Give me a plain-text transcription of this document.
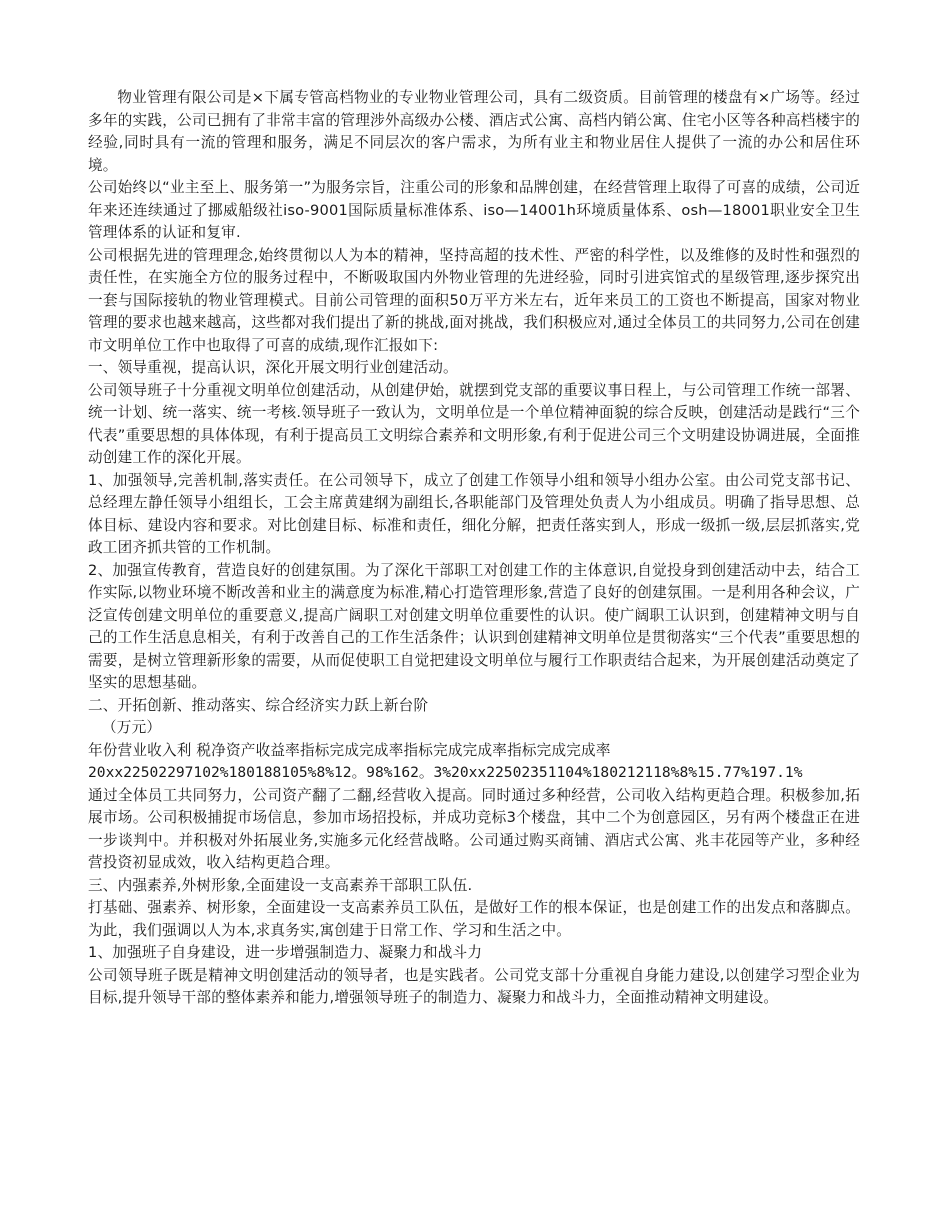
物业管理有限公司是×下属专管高档物业的专业物业管理公司，具有二级资质。目前管理的楼盘有×广场等。经过多年的实践，公司已拥有了非常丰富的管理涉外高级办公楼、酒店式公寓、高档内销公寓、住宅小区等各种高档楼宇的经验,同时具有一流的管理和服务，满足不同层次的客户需求，为所有业主和物业居住人提供了一流的办公和居住环境。

公司始终以“业主至上、服务第一”为服务宗旨，注重公司的形象和品牌创建，在经营管理上取得了可喜的成绩，公司近年来还连续通过了挪威船级社iso-9001国际质量标准体系、iso—14001h环境质量体系、osh—18001职业安全卫生管理体系的认证和复审.

公司根据先进的管理理念,始终贯彻以人为本的精神，坚持高超的技术性、严密的科学性，以及维修的及时性和强烈的责任性，在实施全方位的服务过程中，不断吸取国内外物业管理的先进经验，同时引进宾馆式的星级管理,逐步探究出一套与国际接轨的物业管理模式。目前公司管理的面积50万平方米左右，近年来员工的工资也不断提高，国家对物业管理的要求也越来越高，这些都对我们提出了新的挑战,面对挑战，我们积极应对,通过全体员工的共同努力,公司在创建市文明单位工作中也取得了可喜的成绩,现作汇报如下:

一、领导重视，提高认识，深化开展文明行业创建活动。

公司领导班子十分重视文明单位创建活动，从创建伊始，就摆到党支部的重要议事日程上，与公司管理工作统一部署、统一计划、统一落实、统一考核.领导班子一致认为，文明单位是一个单位精神面貌的综合反映，创建活动是践行“三个代表”重要思想的具体体现，有利于提高员工文明综合素养和文明形象,有利于促进公司三个文明建设协调进展，全面推动创建工作的深化开展。

1、加强领导,完善机制,落实责任。在公司领导下，成立了创建工作领导小组和领导小组办公室。由公司党支部书记、总经理左静任领导小组组长，工会主席黄建纲为副组长,各职能部门及管理处负责人为小组成员。明确了指导思想、总体目标、建设内容和要求。对比创建目标、标准和责任，细化分解，把责任落实到人，形成一级抓一级,层层抓落实,党政工团齐抓共管的工作机制。

2、加强宣传教育，营造良好的创建氛围。为了深化干部职工对创建工作的主体意识,自觉投身到创建活动中去，结合工作实际,以物业环境不断改善和业主的满意度为标准,精心打造管理形象,营造了良好的创建氛围。一是利用各种会议，广泛宣传创建文明单位的重要意义,提高广阔职工对创建文明单位重要性的认识。使广阔职工认识到，创建精神文明与自己的工作生活息息相关，有利于改善自己的工作生活条件；认识到创建精神文明单位是贯彻落实“三个代表”重要思想的需要，是树立管理新形象的需要，从而促使职工自觉把建设文明单位与履行工作职责结合起来，为开展创建活动奠定了坚实的思想基础。

二、开拓创新、推动落实、综合经济实力跃上新台阶

（万元）

年份营业收入利 税净资产收益率指标完成完成率指标完成完成率指标完成完成率

20xx22502297102%180188105%8%12。98%162。3%20xx22502351104%180212118%8%15.77%197.1%

通过全体员工共同努力，公司资产翻了二翻,经营收入提高。同时通过多种经营，公司收入结构更趋合理。积极参加,拓展市场。公司积极捕捉市场信息，参加市场招投标，并成功竞标3个楼盘，其中二个为创意园区，另有两个楼盘正在进一步谈判中。并积极对外拓展业务,实施多元化经营战略。公司通过购买商铺、酒店式公寓、兆丰花园等产业，多种经营投资初显成效，收入结构更趋合理。

三、内强素养,外树形象,全面建设一支高素养干部职工队伍.

打基础、强素养、树形象，全面建设一支高素养员工队伍，是做好工作的根本保证，也是创建工作的出发点和落脚点。为此，我们强调以人为本,求真务实,寓创建于日常工作、学习和生活之中。

1、加强班子自身建设，进一步增强制造力、凝聚力和战斗力

公司领导班子既是精神文明创建活动的领导者，也是实践者。公司党支部十分重视自身能力建设,以创建学习型企业为目标,提升领导干部的整体素养和能力,增强领导班子的制造力、凝聚力和战斗力，全面推动精神文明建设。
